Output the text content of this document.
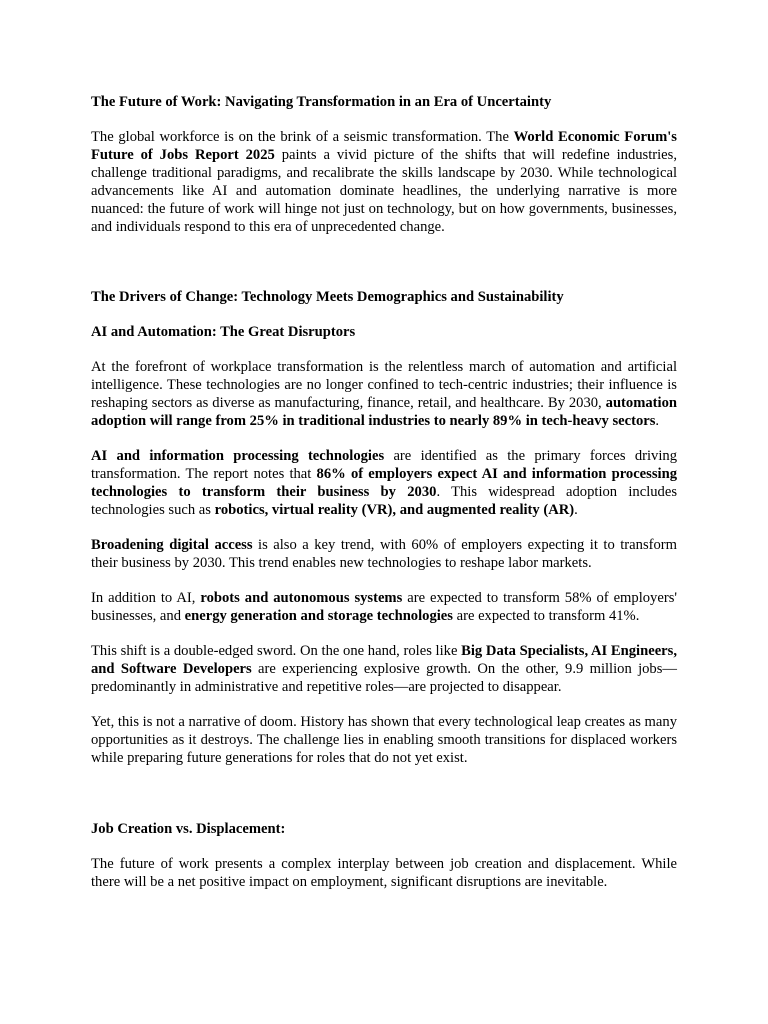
The Future of Work: Navigating Transformation in an Era of Uncertainty
The global workforce is on the brink of a seismic transformation. The World Economic Forum's Future of Jobs Report 2025 paints a vivid picture of the shifts that will redefine industries, challenge traditional paradigms, and recalibrate the skills landscape by 2030. While technological advancements like AI and automation dominate headlines, the underlying narrative is more nuanced: the future of work will hinge not just on technology, but on how governments, businesses, and individuals respond to this era of unprecedented change.
The Drivers of Change: Technology Meets Demographics and Sustainability
AI and Automation: The Great Disruptors
At the forefront of workplace transformation is the relentless march of automation and artificial intelligence. These technologies are no longer confined to tech-centric industries; their influence is reshaping sectors as diverse as manufacturing, finance, retail, and healthcare. By 2030, automation adoption will range from 25% in traditional industries to nearly 89% in tech-heavy sectors.
AI and information processing technologies are identified as the primary forces driving transformation. The report notes that 86% of employers expect AI and information processing technologies to transform their business by 2030. This widespread adoption includes technologies such as robotics, virtual reality (VR), and augmented reality (AR).
Broadening digital access is also a key trend, with 60% of employers expecting it to transform their business by 2030. This trend enables new technologies to reshape labor markets.
In addition to AI, robots and autonomous systems are expected to transform 58% of employers' businesses, and energy generation and storage technologies are expected to transform 41%.
This shift is a double-edged sword. On the one hand, roles like Big Data Specialists, AI Engineers, and Software Developers are experiencing explosive growth. On the other, 9.9 million jobs—predominantly in administrative and repetitive roles—are projected to disappear.
Yet, this is not a narrative of doom. History has shown that every technological leap creates as many opportunities as it destroys. The challenge lies in enabling smooth transitions for displaced workers while preparing future generations for roles that do not yet exist.
Job Creation vs. Displacement:
The future of work presents a complex interplay between job creation and displacement. While there will be a net positive impact on employment, significant disruptions are inevitable.
